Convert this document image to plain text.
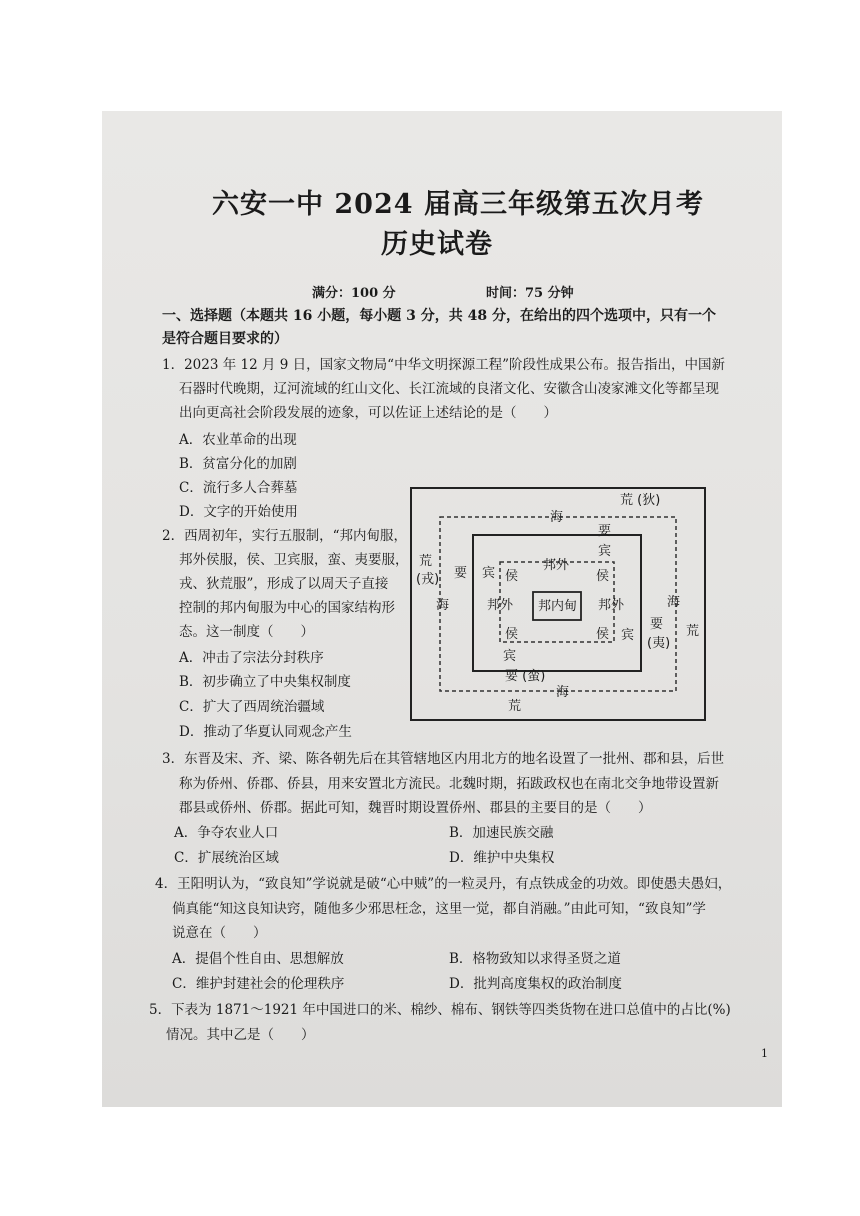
六安一中 2024 届高三年级第五次月考
历史试卷
满分：100 分	时间：75 分钟
一、选择题（本题共 16 小题，每小题 3 分，共 48 分，在给出的四个选项中，只有一个
是符合题目要求的）
1．2023 年 12 月 9 日，国家文物局“中华文明探源工程”阶段性成果公布。报告指出，中国新
石器时代晚期，辽河流域的红山文化、长江流域的良渚文化、安徽含山凌家滩文化等都呈现
出向更高社会阶段发展的迹象，可以佐证上述结论的是（　　）
A．农业革命的出现
B．贫富分化的加剧
C．流行多人合葬墓
D．文字的开始使用
2．西周初年，实行五服制，“邦内甸服，
邦外侯服，侯、卫宾服，蛮、夷要服，
戎、狄荒服”，形成了以周天子直接
控制的邦内甸服为中心的国家结构形
态。这一制度（　　）
A．冲击了宗法分封秩序
B．初步确立了中央集权制度
C．扩大了西周统治疆域
D．推动了华夏认同观念产生
荒 (狄)
海
要
宾
邦外
荒
(戎) 要
海
宾 侯
邦外 邦内甸 邦外
侯
侯	侯 宾
宾
海
要
(夷)
荒
要 (蛮)
海
荒
3．东晋及宋、齐、梁、陈各朝先后在其管辖地区内用北方的地名设置了一批州、郡和县，后世
称为侨州、侨郡、侨县，用来安置北方流民。北魏时期，拓跋政权也在南北交争地带设置新
郡县或侨州、侨郡。据此可知，魏晋时期设置侨州、郡县的主要目的是（　　）
A．争夺农业人口	B．加速民族交融
C．扩展统治区域	D．维护中央集权
4．王阳明认为，“致良知”学说就是破“心中贼”的一粒灵丹，有点铁成金的功效。即使愚夫愚妇，
倘真能“知这良知诀窍，随他多少邪思枉念，这里一觉，都自消融。”由此可知，“致良知”学
说意在（　　）
A．提倡个性自由、思想解放	B．格物致知以求得圣贤之道
C．维护封建社会的伦理秩序	D．批判高度集权的政治制度
5．下表为 1871～1921 年中国进口的米、棉纱、棉布、钢铁等四类货物在进口总值中的占比(%)
情况。其中乙是（　　）
1
